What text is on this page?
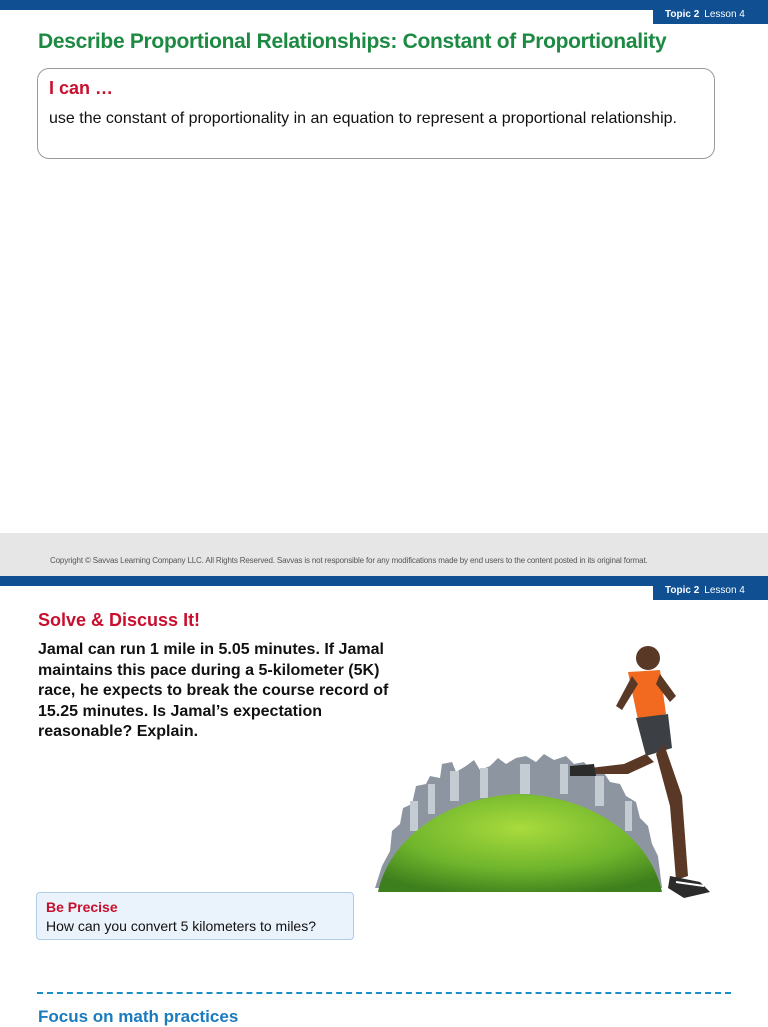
Topic 2 Lesson 4
Describe Proportional Relationships: Constant of Proportionality
I can …
use the constant of proportionality in an equation to represent a proportional relationship.
Copyright © Savvas Learning Company LLC. All Rights Reserved. Savvas is not responsible for any modifications made by end users to the content posted in its original format.
Topic 2 Lesson 4
Solve & Discuss It!
Jamal can run 1 mile in 5.05 minutes. If Jamal maintains this pace during a 5-kilometer (5K) race, he expects to break the course record of 15.25 minutes. Is Jamal’s expectation reasonable? Explain.
Be Precise
How can you convert 5 kilometers to miles?
Focus on math practices
